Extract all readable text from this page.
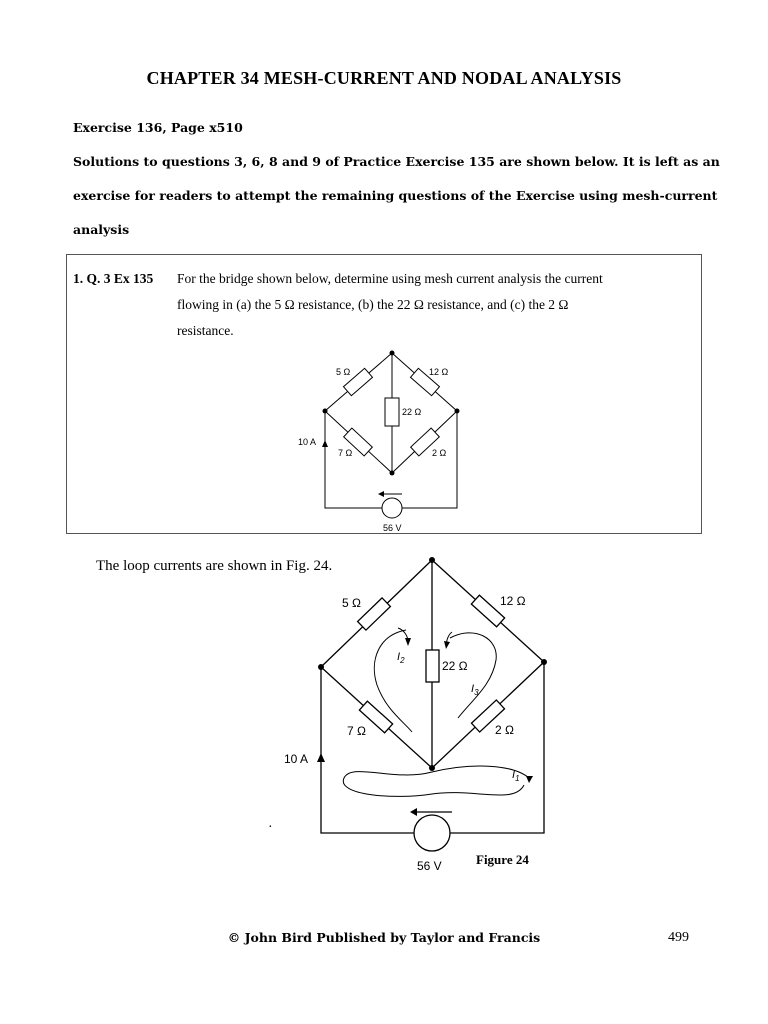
CHAPTER 34 MESH-CURRENT AND NODAL ANALYSIS
Exercise 136, Page x510
Solutions to questions 3, 6, 8 and 9 of Practice Exercise 135 are shown below. It is left as an
exercise for readers to attempt the remaining questions of the Exercise using mesh-current
analysis
1. Q. 3 Ex 135 For the bridge shown below, determine using mesh current analysis the current
flowing in (a) the 5 Ω resistance, (b) the 22 Ω resistance, and (c) the 2 Ω
resistance.
5 Ω	12 Ω
22 Ω
7 Ω	2 Ω
10 A
56 V
The loop currents are shown in Fig. 24.
5 Ω	12 Ω
22 Ω
7 Ω	2 Ω
10 A
56 V
$I_2$
$I_3$
$I_1$
Figure 24
·
© John Bird Published by Taylor and Francis	499
